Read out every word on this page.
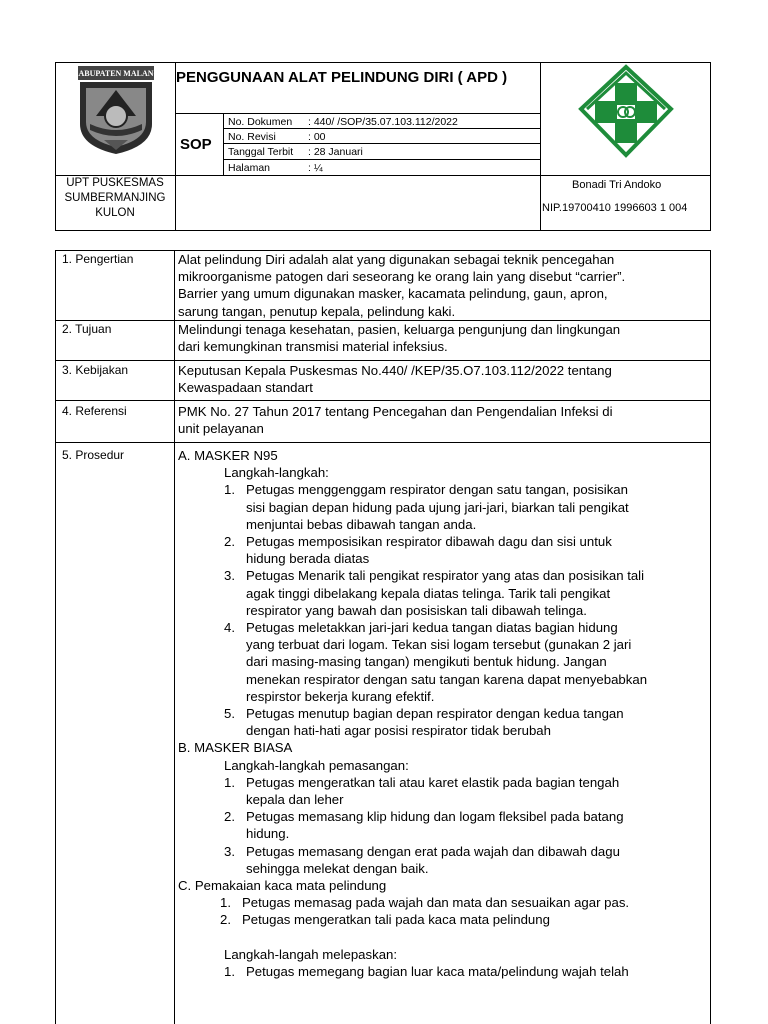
KABUPATEN MALANG PENGGUNAAN ALAT PELINDUNG DIRI ( APD )
SOP
No. Dokumen : 440/ /SOP/35.07.103.112/2022
No. Revisi	: 00
Tanggal Terbit : 28 Januari
Halaman	: ¼
UPT PUSKESMAS
SUMBERMANJING
KULON
Bonadi Tri Andoko
NIP.19700410 1996603 1 004
1. Pengertian	Alat pelindung Diri adalah alat yang digunakan sebagai teknik pencegahan
mikroorganisme patogen dari seseorang ke orang lain yang disebut “carrier”.
Barrier yang umum digunakan masker, kacamata pelindung, gaun, apron,
sarung tangan, penutup kepala, pelindung kaki.
2. Tujuan	Melindungi tenaga kesehatan, pasien, keluarga pengunjung dan lingkungan
dari kemungkinan transmisi material infeksius.
3. Kebijakan	Keputusan Kepala Puskesmas No.440/ /KEP/35.O7.103.112/2022 tentang
Kewaspadaan standart
4. Referensi	PMK No. 27 Tahun 2017 tentang Pencegahan dan Pengendalian Infeksi di
unit pelayanan
5. Prosedur	A. MASKER N95
Langkah-langkah:
1. Petugas menggenggam respirator dengan satu tangan, posisikan
sisi bagian depan hidung pada ujung jari-jari, biarkan tali pengikat
menjuntai bebas dibawah tangan anda.
2. Petugas memposisikan respirator dibawah dagu dan sisi untuk
hidung berada diatas
3. Petugas Menarik tali pengikat respirator yang atas dan posisikan tali
agak tinggi dibelakang kepala diatas telinga. Tarik tali pengikat
respirator yang bawah dan posisiskan tali dibawah telinga.
4. Petugas meletakkan jari-jari kedua tangan diatas bagian hidung
yang terbuat dari logam. Tekan sisi logam tersebut (gunakan 2 jari
dari masing-masing tangan) mengikuti bentuk hidung. Jangan
menekan respirator dengan satu tangan karena dapat menyebabkan
respirstor bekerja kurang efektif.
5. Petugas menutup bagian depan respirator dengan kedua tangan
dengan hati-hati agar posisi respirator tidak berubah
B. MASKER BIASA
Langkah-langkah pemasangan:
1. Petugas mengeratkan tali atau karet elastik pada bagian tengah
kepala dan leher
2. Petugas memasang klip hidung dan logam fleksibel pada batang
hidung.
3. Petugas memasang dengan erat pada wajah dan dibawah dagu
sehingga melekat dengan baik.
C. Pemakaian kaca mata pelindung
1. Petugas memasag pada wajah dan mata dan sesuaikan agar pas.
2. Petugas mengeratkan tali pada kaca mata pelindung
Langkah-langah melepaskan:
1. Petugas memegang bagian luar kaca mata/pelindung wajah telah
